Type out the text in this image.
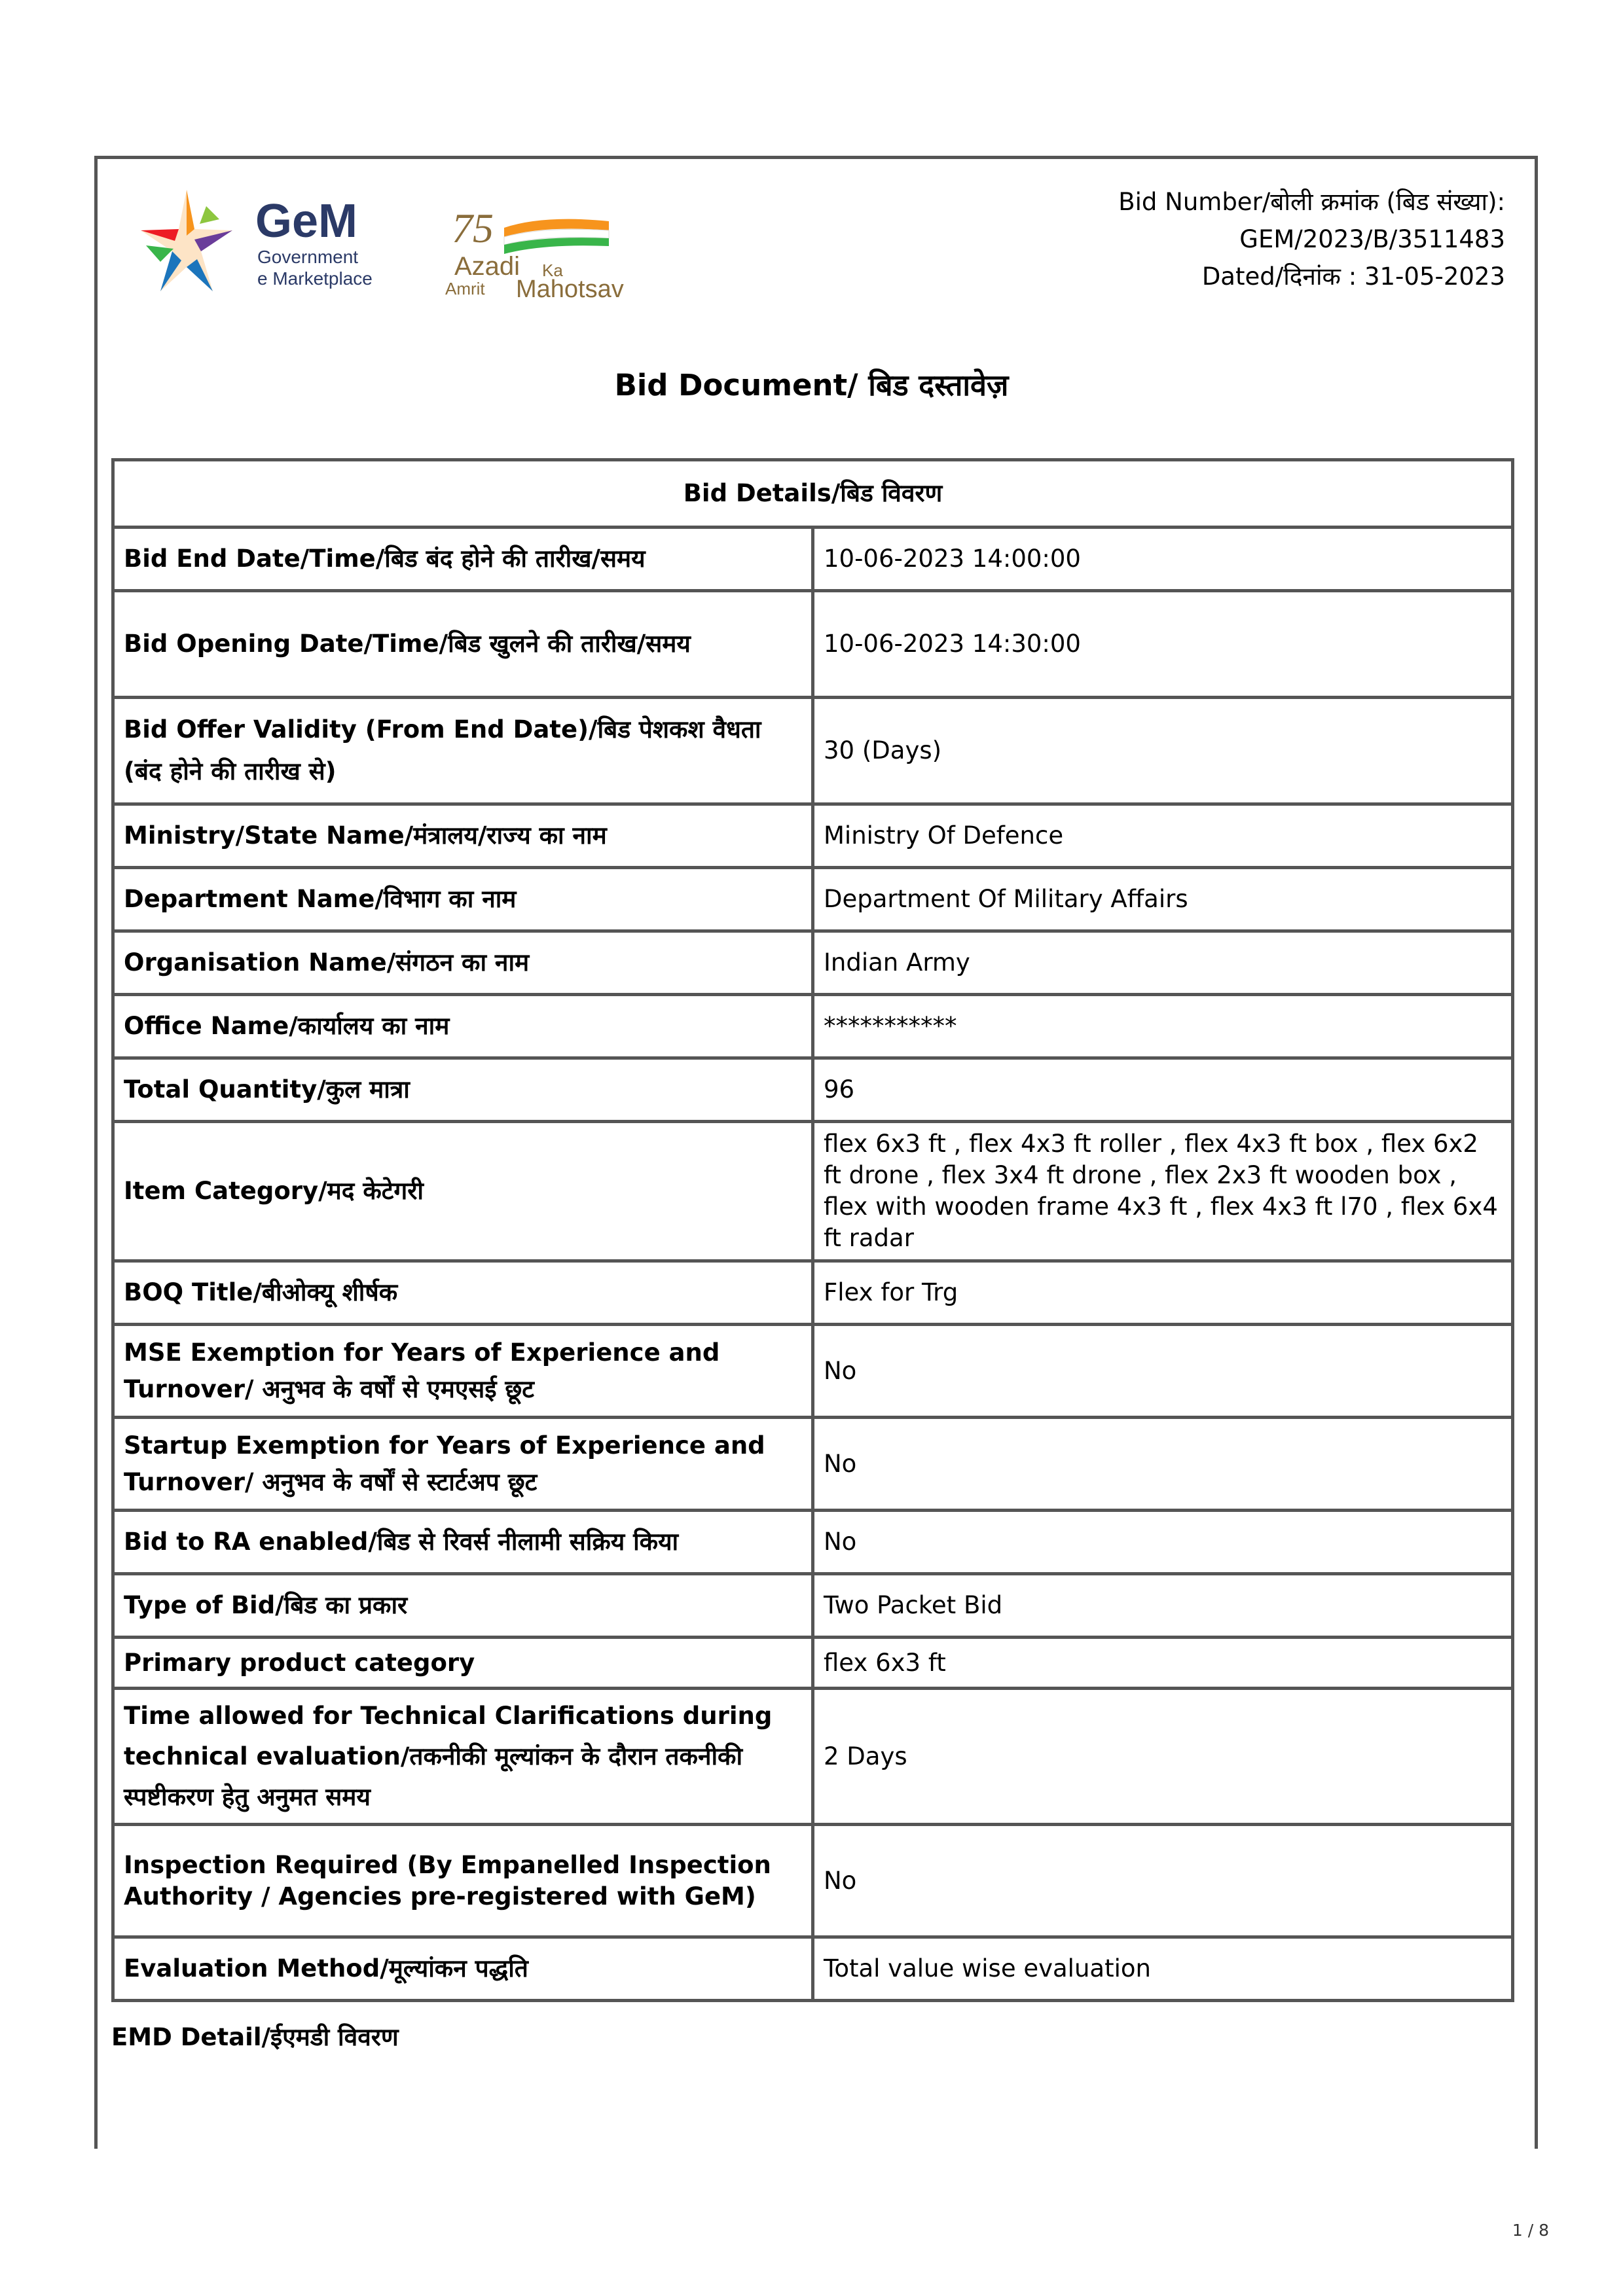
GeM
Government
e Marketplace
75
Azadi Ka
Amrit Mahotsav
Bid Number/बोली क्रमांक (बिड संख्या):
GEM/2023/B/3511483
Dated/दिनांक : 31-05-2023
Bid Document/ बिड दस्तावेज़
Bid Details/बिड विवरण	
Bid End Date/Time/बिड बंद होने की तारीख/समय	10-06-2023 14:00:00
Bid Opening Date/Time/बिड खुलने की तारीख/समय	10-06-2023 14:30:00
Bid Offer Validity (From End Date)/बिड पेशकश वैधता (बंद होने की तारीख से)	30 (Days)
Ministry/State Name/मंत्रालय/राज्य का नाम	Ministry Of Defence
Department Name/विभाग का नाम	Department Of Military Affairs
Organisation Name/संगठन का नाम	Indian Army
Office Name/कार्यालय का नाम	***********
Total Quantity/कुल मात्रा	96
Item Category/मद केटेगरी	flex 6x3 ft , flex 4x3 ft roller , flex 4x3 ft box , flex 6x2 ft drone , flex 3x4 ft drone , flex 2x3 ft wooden box , flex with wooden frame 4x3 ft , flex 4x3 ft l70 , flex 6x4 ft radar
BOQ Title/बीओक्यू शीर्षक	Flex for Trg
MSE Exemption for Years of Experience and Turnover/ अनुभव के वर्षों से एमएसई छूट	No
Startup Exemption for Years of Experience and Turnover/ अनुभव के वर्षों से स्टार्टअप छूट	No
Bid to RA enabled/बिड से रिवर्स नीलामी सक्रिय किया	No
Type of Bid/बिड का प्रकार	Two Packet Bid
Primary product category	flex 6x3 ft
Time allowed for Technical Clarifications during technical evaluation/तकनीकी मूल्यांकन के दौरान तकनीकी स्पष्टीकरण हेतु अनुमत समय	2 Days
Inspection Required (By Empanelled Inspection Authority / Agencies pre-registered with GeM)	No
Evaluation Method/मूल्यांकन पद्धति	Total value wise evaluation
EMD Detail/ईएमडी विवरण
1 / 8
